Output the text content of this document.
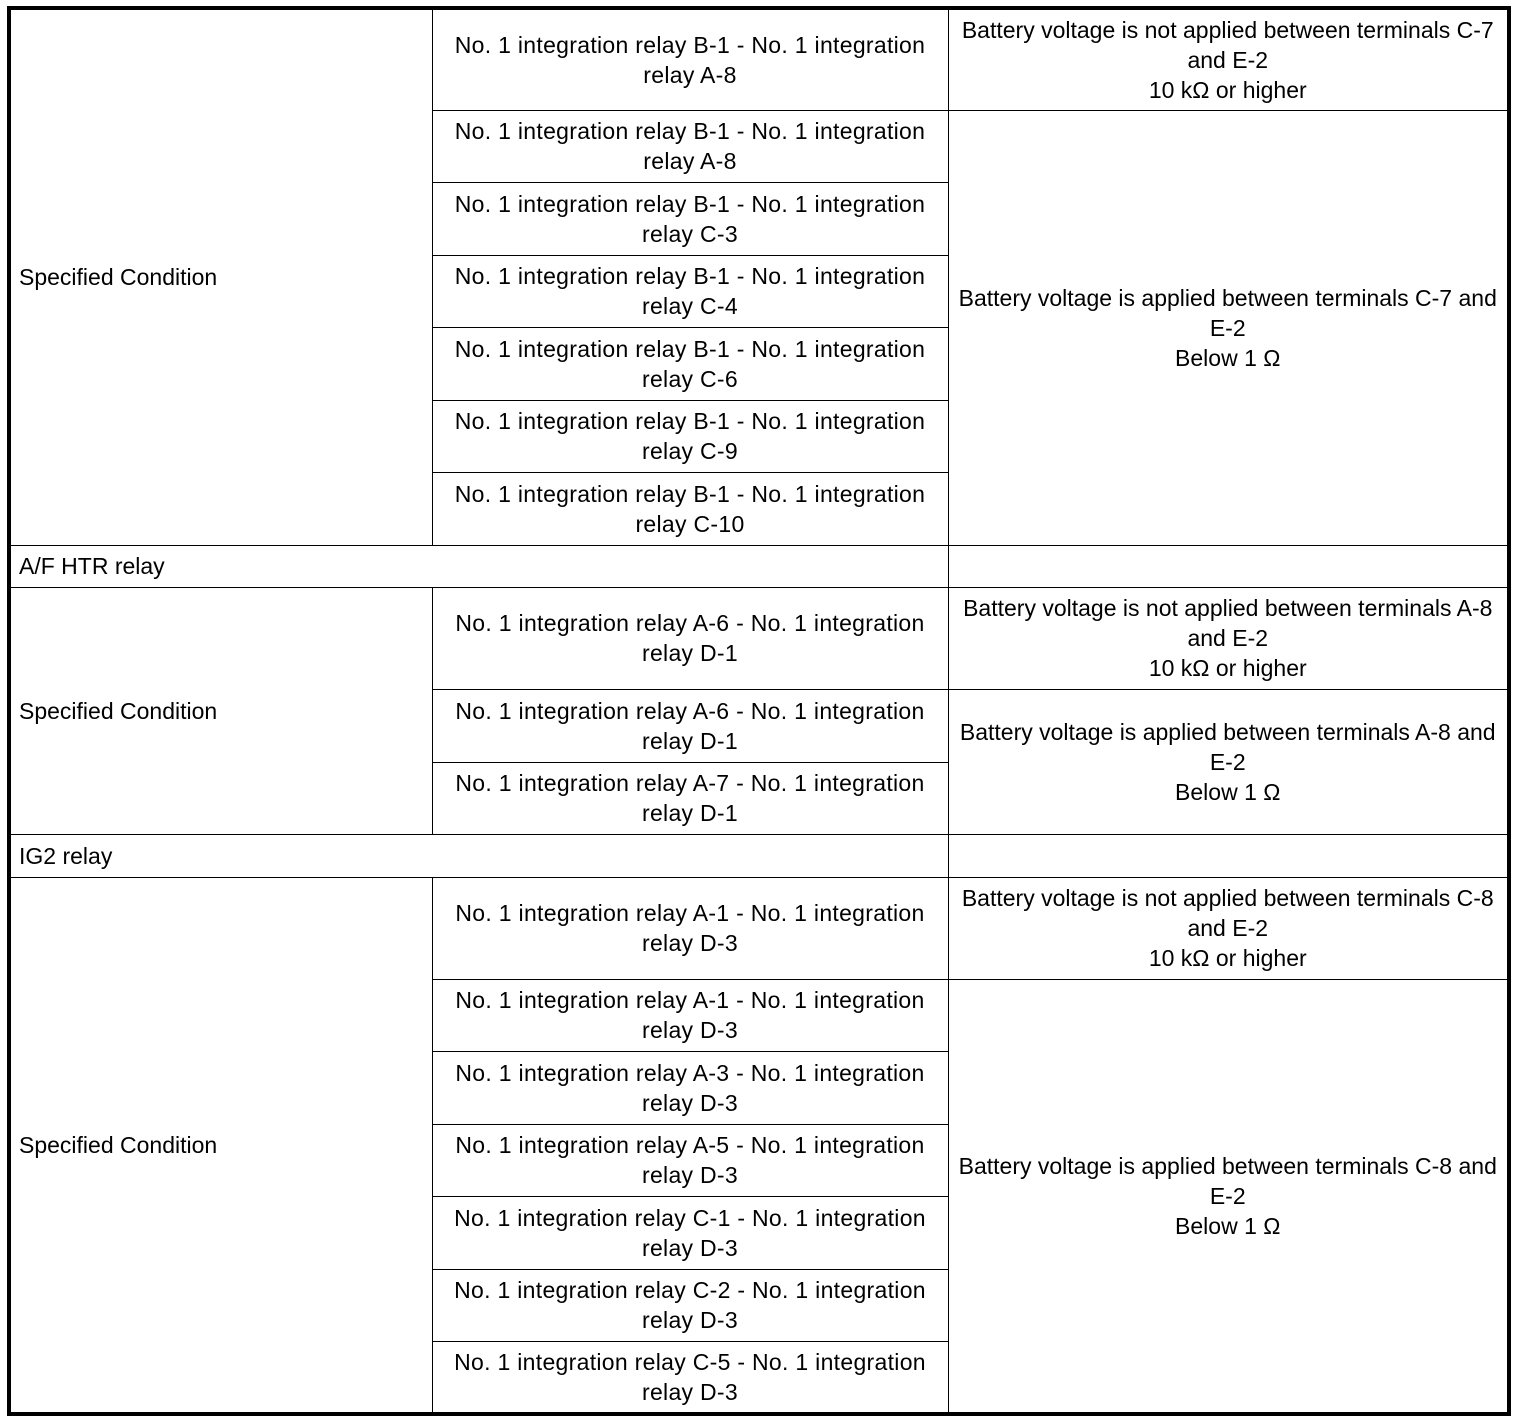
Specified Condition	No. 1 integration relay B-1 - No. 1 integration relay A-8	Battery voltage is not applied between terminals C-7 and E-2
10 kΩ or higher

	No. 1 integration relay B-1 - No. 1 integration relay A-8	Battery voltage is applied between terminals C-7 and E-2
Below 1 Ω

	No. 1 integration relay B-1 - No. 1 integration relay C-3	
	No. 1 integration relay B-1 - No. 1 integration relay C-4	
	No. 1 integration relay B-1 - No. 1 integration relay C-6	
	No. 1 integration relay B-1 - No. 1 integration relay C-9	
	No. 1 integration relay B-1 - No. 1 integration relay C-10	
A/F HTR relay		
Specified Condition	No. 1 integration relay A-6 - No. 1 integration relay D-1	Battery voltage is not applied between terminals A-8 and E-2
10 kΩ or higher

	No. 1 integration relay A-6 - No. 1 integration relay D-1	Battery voltage is applied between terminals A-8 and E-2
Below 1 Ω

	No. 1 integration relay A-7 - No. 1 integration relay D-1	
IG2 relay		
Specified Condition	No. 1 integration relay A-1 - No. 1 integration relay D-3	Battery voltage is not applied between terminals C-8 and E-2
10 kΩ or higher

	No. 1 integration relay A-1 - No. 1 integration relay D-3	Battery voltage is applied between terminals C-8 and E-2
Below 1 Ω

	No. 1 integration relay A-3 - No. 1 integration relay D-3	
	No. 1 integration relay A-5 - No. 1 integration relay D-3	
	No. 1 integration relay C-1 - No. 1 integration relay D-3	
	No. 1 integration relay C-2 - No. 1 integration relay D-3	
	No. 1 integration relay C-5 - No. 1 integration relay D-3	
